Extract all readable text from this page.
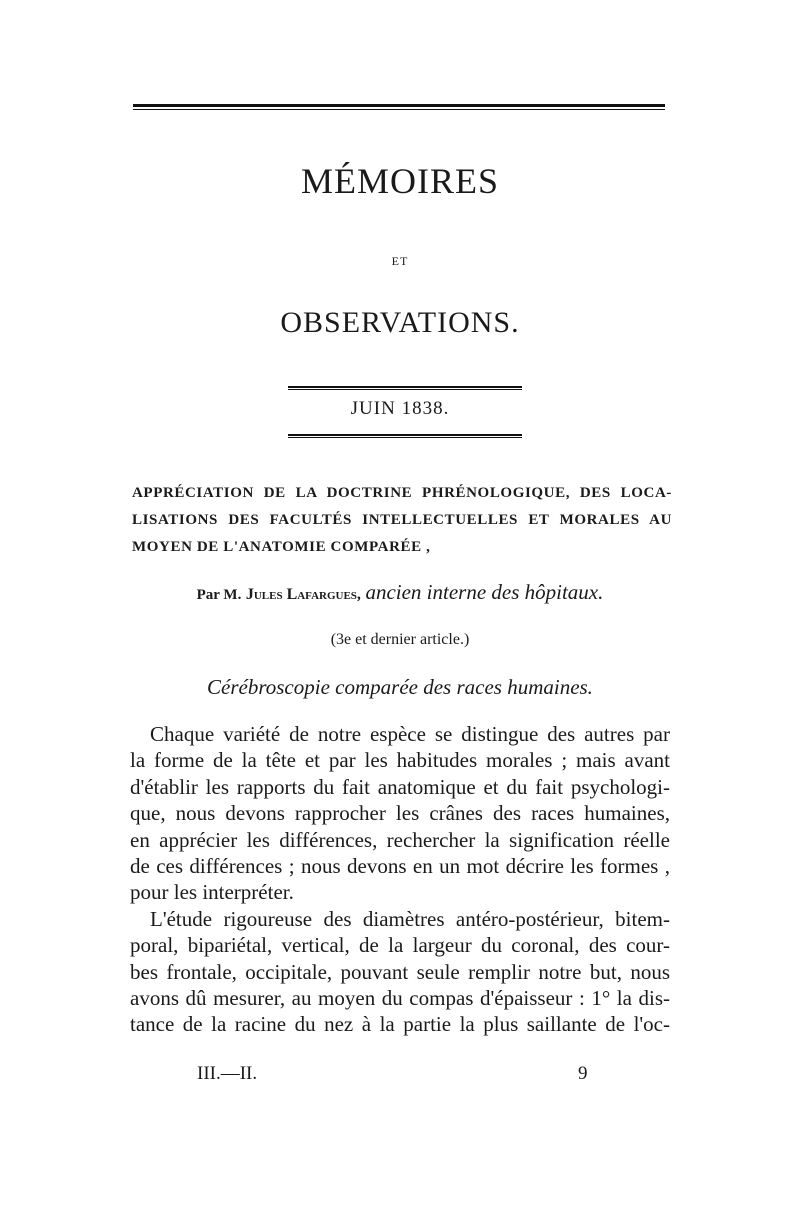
MÉMOIRES
ET
OBSERVATIONS.
JUIN 1838.
APPRÉCIATION DE LA DOCTRINE PHRÉNOLOGIQUE, DES LOCA-
LISATIONS DES FACULTÉS INTELLECTUELLES ET MORALES AU
MOYEN DE L'ANATOMIE COMPARÉE ,
Par M. Jules Lafargues, ancien interne des hôpitaux.
(3e et dernier article.)
Cérébroscopie comparée des races humaines.
Chaque variété de notre espèce se distingue des autres par
la forme de la tête et par les habitudes morales ; mais avant
d'établir les rapports du fait anatomique et du fait psychologi-
que, nous devons rapprocher les crânes des races humaines,
en apprécier les différences, rechercher la signification réelle
de ces différences ; nous devons en un mot décrire les formes ,
pour les interpréter.
L'étude rigoureuse des diamètres antéro-postérieur, bitem-
poral, bipariétal, vertical, de la largeur du coronal, des cour-
bes frontale, occipitale, pouvant seule remplir notre but, nous
avons dû mesurer, au moyen du compas d'épaisseur : 1° la dis-
tance de la racine du nez à la partie la plus saillante de l'oc-
III.—II.	9
